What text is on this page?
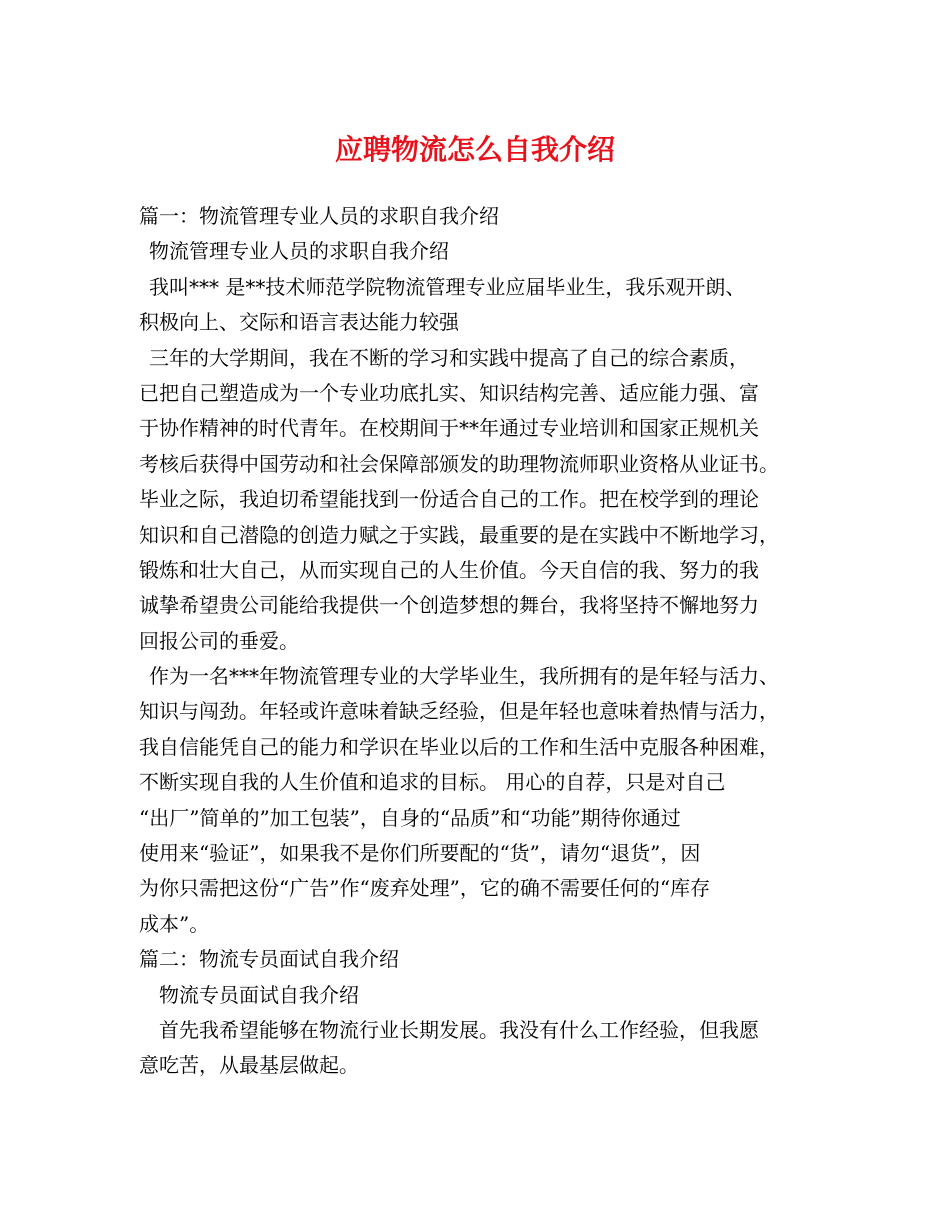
应聘物流怎么自我介绍
篇一：物流管理专业人员的求职自我介绍
物流管理专业人员的求职自我介绍
我叫*** 是**技术师范学院物流管理专业应届毕业生，我乐观开朗、
积极向上、交际和语言表达能力较强
三年的大学期间，我在不断的学习和实践中提高了自己的综合素质，
已把自己塑造成为一个专业功底扎实、知识结构完善、适应能力强、富
于协作精神的时代青年。在校期间于**年通过专业培训和国家正规机关
考核后获得中国劳动和社会保障部颁发的助理物流师职业资格从业证书。
毕业之际，我迫切希望能找到一份适合自己的工作。把在校学到的理论
知识和自己潜隐的创造力赋之于实践，最重要的是在实践中不断地学习，
锻炼和壮大自己，从而实现自己的人生价值。今天自信的我、努力的我
诚挚希望贵公司能给我提供一个创造梦想的舞台，我将坚持不懈地努力
回报公司的垂爱。
作为一名***年物流管理专业的大学毕业生，我所拥有的是年轻与活力、
知识与闯劲。年轻或许意味着缺乏经验，但是年轻也意味着热情与活力，
我自信能凭自己的能力和学识在毕业以后的工作和生活中克服各种困难，
不断实现自我的人生价值和追求的目标。 用心的自荐，只是对自己
“出厂”简单的”加工包装”，自身的“品质”和“功能”期待你通过
使用来“验证”，如果我不是你们所要配的“货”，请勿“退货”，因
为你只需把这份“广告”作“废弃处理”，它的确不需要任何的“库存
成本”。
篇二：物流专员面试自我介绍
物流专员面试自我介绍
首先我希望能够在物流行业长期发展。我没有什么工作经验，但我愿
意吃苦，从最基层做起。
